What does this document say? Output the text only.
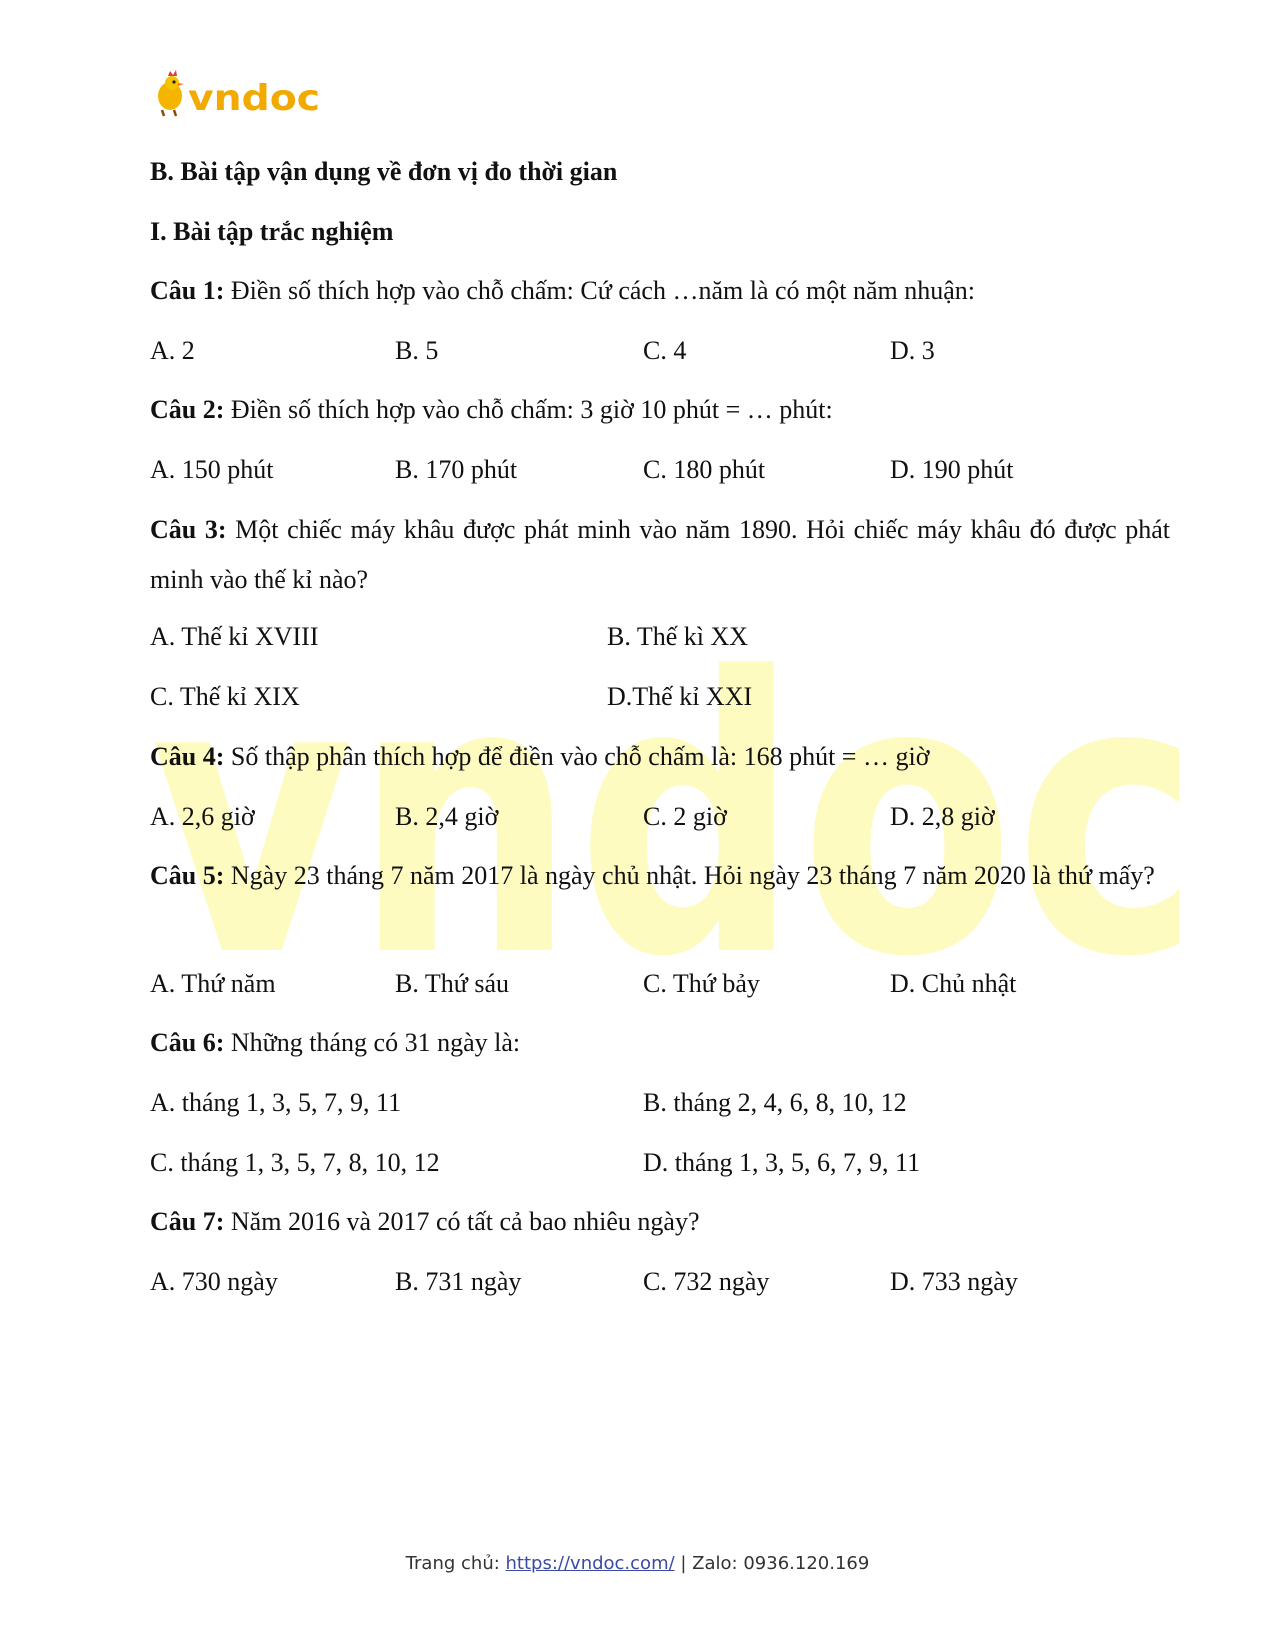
vndoc
vndoc
B. Bài tập vận dụng về đơn vị đo thời gian
I. Bài tập trắc nghiệm
Câu 1: Điền số thích hợp vào chỗ chấm: Cứ cách …năm là có một năm nhuận:
A. 2	B. 5	C. 4	D. 3
Câu 2: Điền số thích hợp vào chỗ chấm: 3 giờ 10 phút = … phút:
A. 150 phút	B. 170 phút	C. 180 phút	D. 190 phút
Câu 3: Một chiếc máy khâu được phát minh vào năm 1890. Hỏi chiếc máy khâu đó được phát minh vào thế kỉ nào?
A. Thế kỉ XVIII	B. Thế kì XX
C. Thế kỉ XIX	D.Thế kỉ XXI
Câu 4: Số thập phân thích hợp để điền vào chỗ chấm là: 168 phút = … giờ
A. 2,6 giờ	B. 2,4 giờ	C. 2 giờ	D. 2,8 giờ
Câu 5: Ngày 23 tháng 7 năm 2017 là ngày chủ nhật. Hỏi ngày 23 tháng 7 năm 2020 là thứ mấy?
A. Thứ năm	B. Thứ sáu	C. Thứ bảy	D. Chủ nhật
Câu 6: Những tháng có 31 ngày là:
A. tháng 1, 3, 5, 7, 9, 11	B. tháng 2, 4, 6, 8, 10, 12
C. tháng 1, 3, 5, 7, 8, 10, 12	D. tháng 1, 3, 5, 6, 7, 9, 11
Câu 7: Năm 2016 và 2017 có tất cả bao nhiêu ngày?
A. 730 ngày	B. 731 ngày	C. 732 ngày	D. 733 ngày
Trang chủ: https://vndoc.com/ | Zalo: 0936.120.169
